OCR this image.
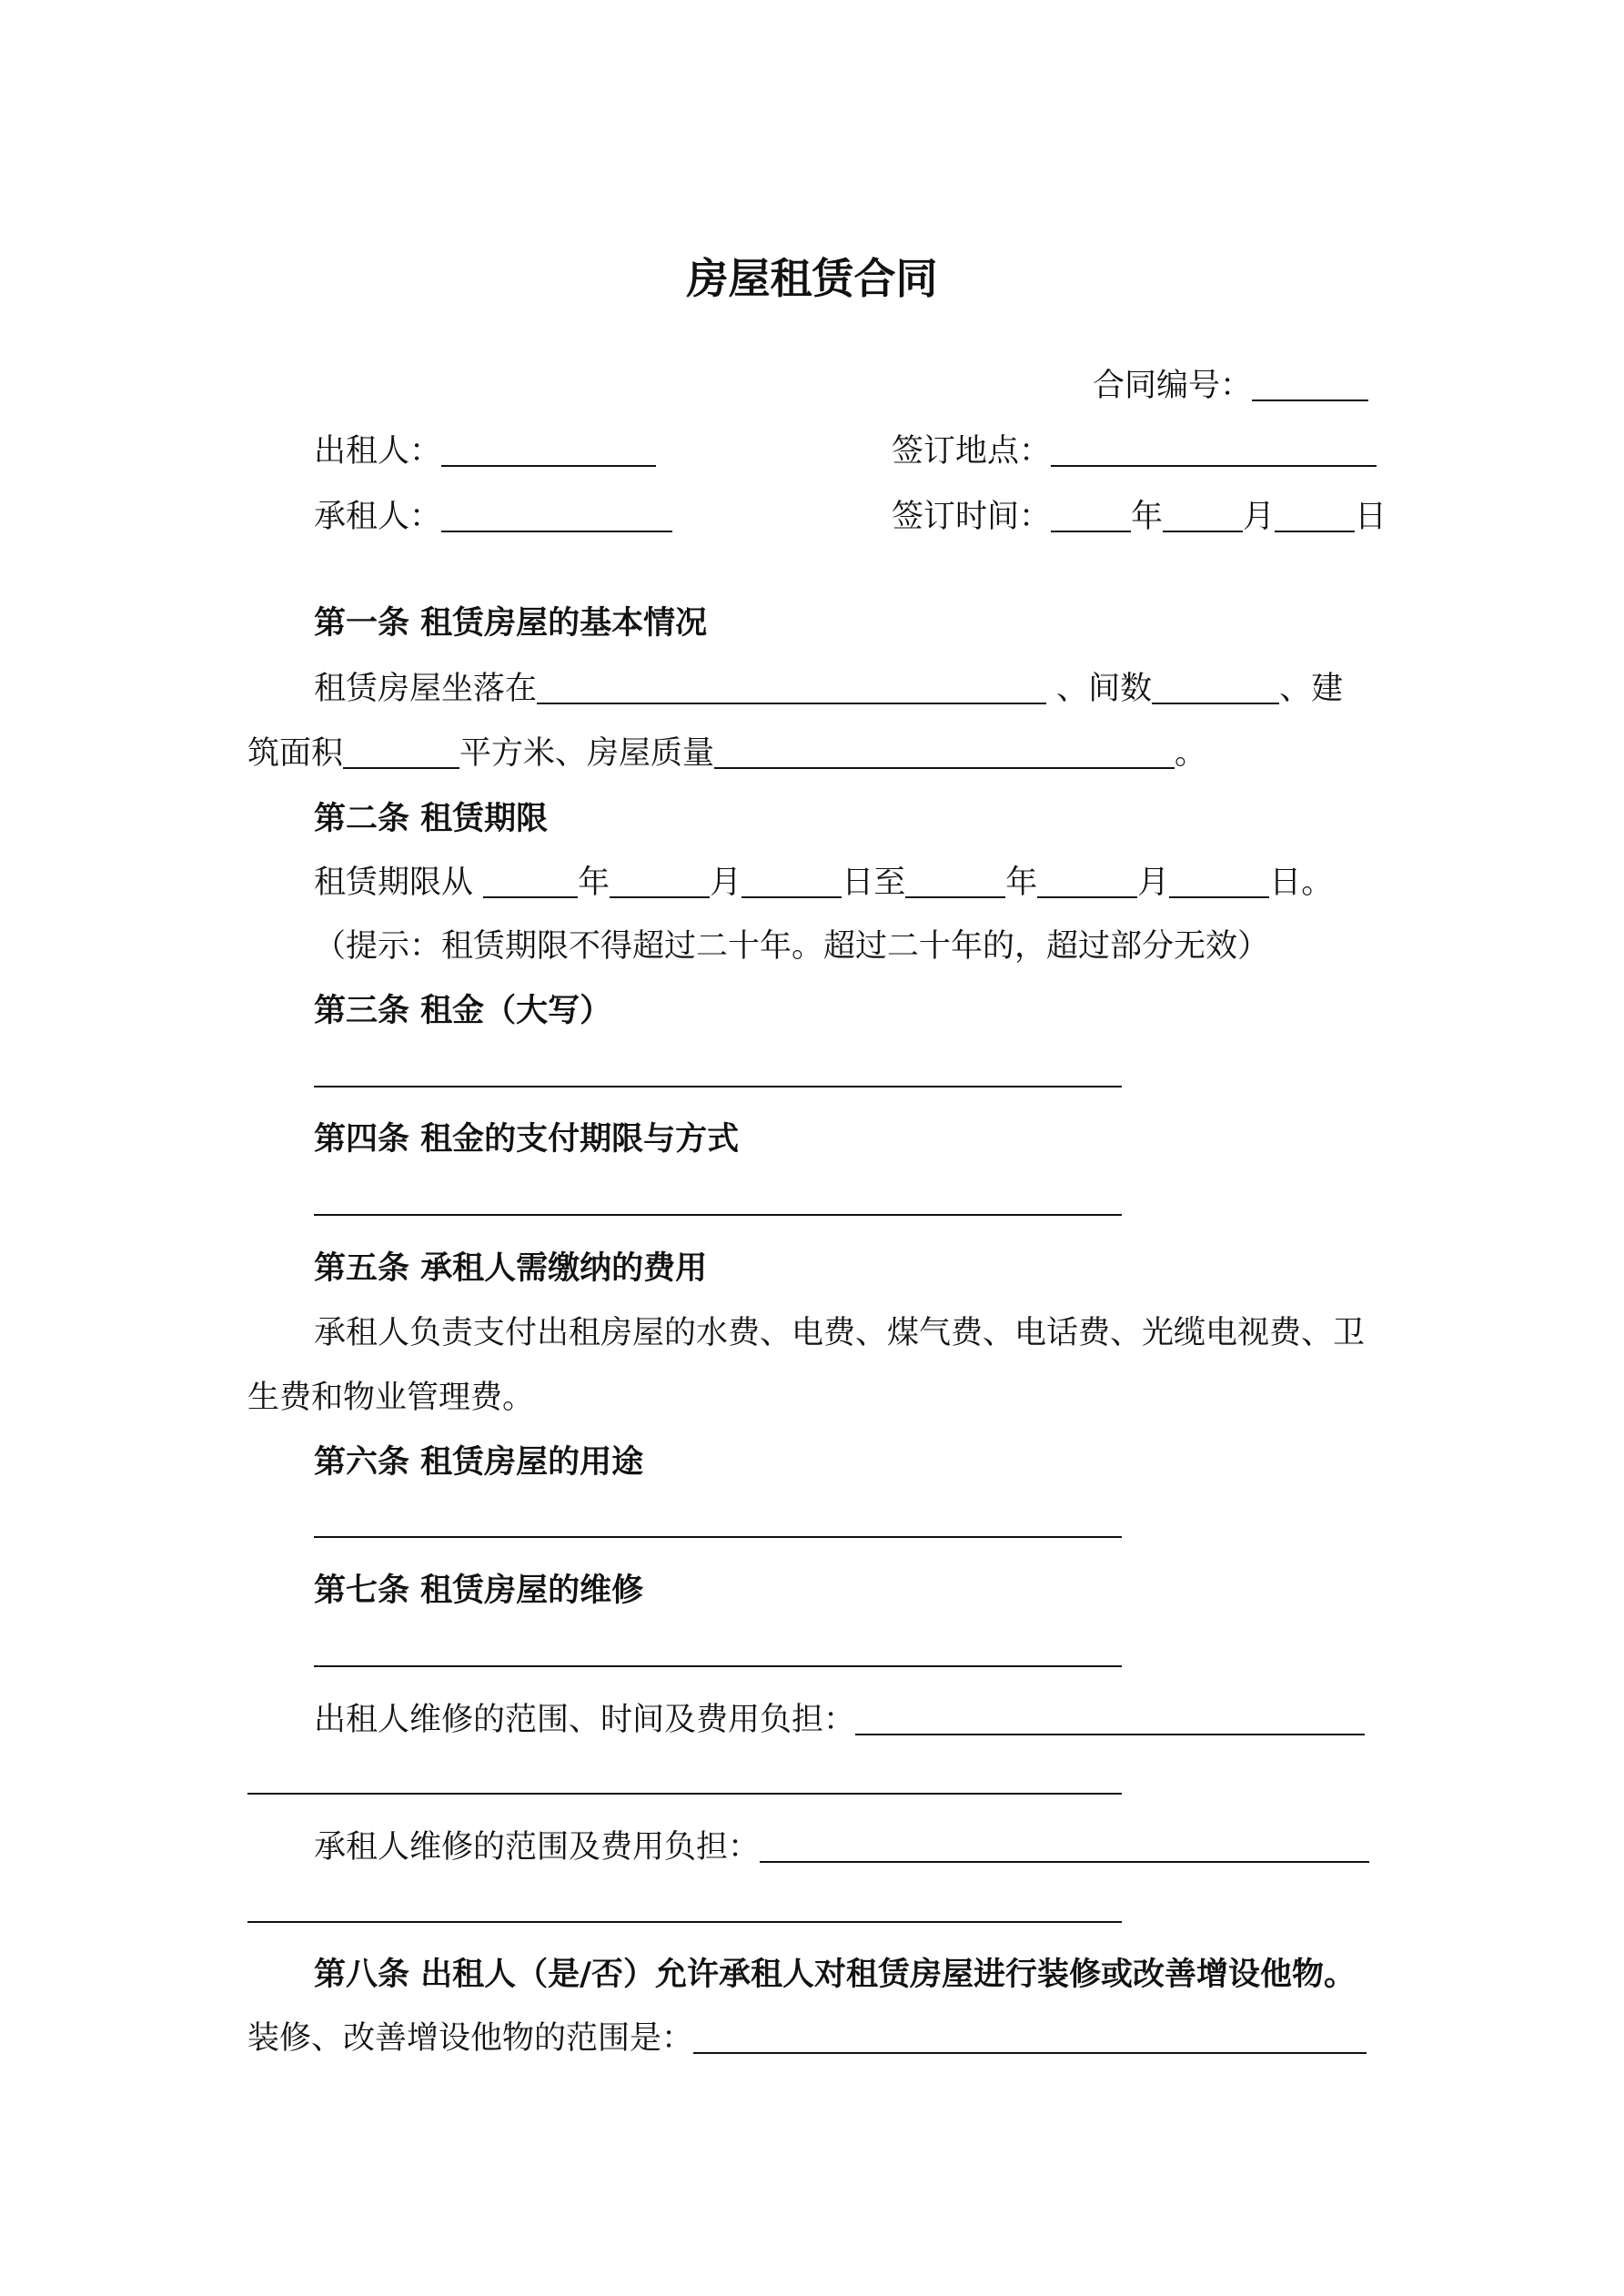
房屋租赁合同
合同编号：
出租人：	签订地点：
承租人：	签订时间：	年	月	日
第一条 租赁房屋的基本情况
租赁房屋坐落在	、间数	、建
筑面积	平方米、房屋质量	。
第二条 租赁期限
租赁期限从	年	月	日至	年	月	日。
（提示：租赁期限不得超过二十年。超过二十年的，超过部分无效）
第三条 租金（大写）
第四条 租金的支付期限与方式
第五条 承租人需缴纳的费用
承租人负责支付出租房屋的水费、电费、煤气费、电话费、光缆电视费、卫
生费和物业管理费。
第六条 租赁房屋的用途
第七条 租赁房屋的维修
出租人维修的范围、时间及费用负担：
承租人维修的范围及费用负担：
第八条 出租人（是/否）允许承租人对租赁房屋进行装修或改善增设他物。
装修、改善增设他物的范围是：
